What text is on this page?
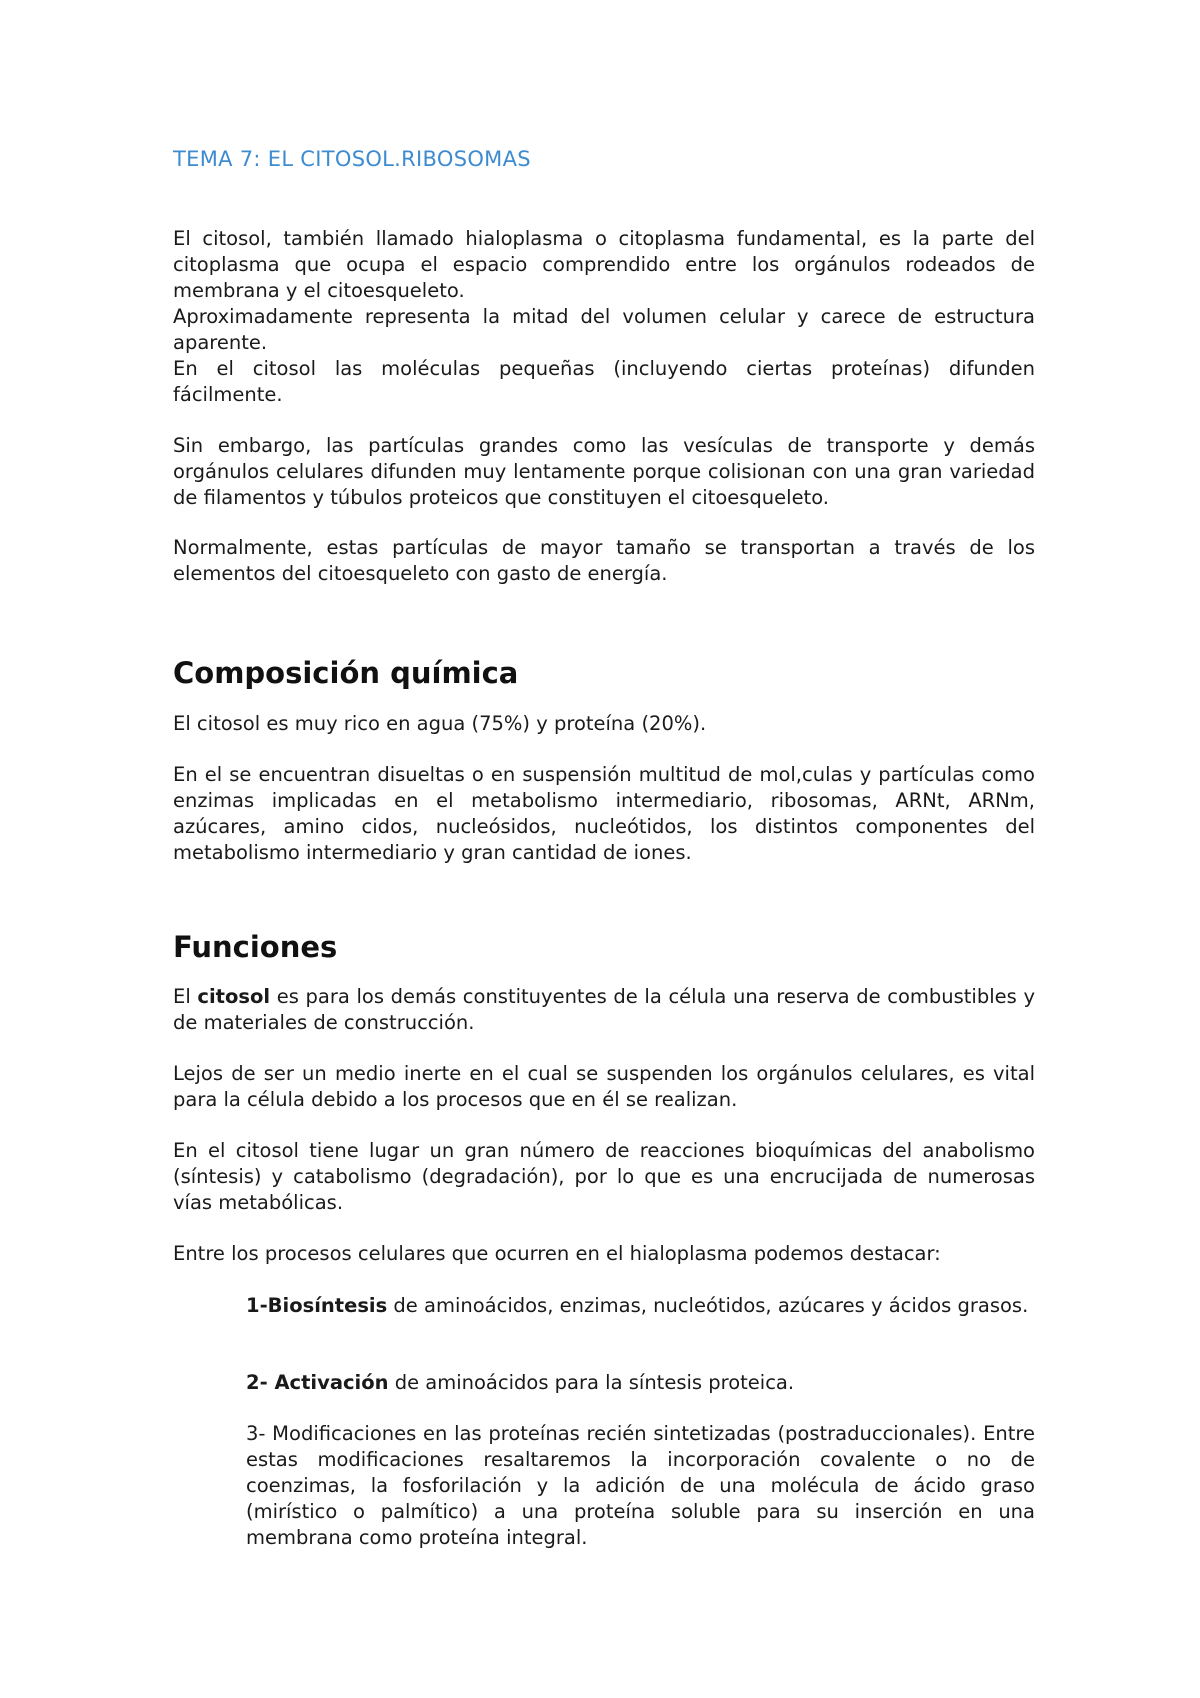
TEMA 7: EL CITOSOL.RIBOSOMAS

El citosol, también llamado hialoplasma o citoplasma fundamental, es la parte del citoplasma que ocupa el espacio comprendido entre los orgánulos rodeados de membrana y el citoesqueleto.

Aproximadamente representa la mitad del volumen celular y carece de estructura aparente.

En el citosol las moléculas pequeñas (incluyendo ciertas proteínas) difunden fácilmente.

Sin embargo, las partículas grandes como las vesículas de transporte y demás orgánulos celulares difunden muy lentamente porque colisionan con una gran variedad de filamentos y túbulos proteicos que constituyen el citoesqueleto.

Normalmente, estas partículas de mayor tamaño se transportan a través de los elementos del citoesqueleto con gasto de energía.

Composición química

El citosol es muy rico en agua (75%) y proteína (20%).

En el se encuentran disueltas o en suspensión multitud de mol,culas y partículas como enzimas implicadas en el metabolismo intermediario, ribosomas, ARNt, ARNm, azúcares, amino cidos, nucleósidos, nucleótidos, los distintos componentes del metabolismo intermediario y gran cantidad de iones.

Funciones

El citosol es para los demás constituyentes de la célula una reserva de combustibles y de materiales de construcción.

Lejos de ser un medio inerte en el cual se suspenden los orgánulos celulares, es vital para la célula debido a los procesos que en él se realizan.

En el citosol tiene lugar un gran número de reacciones bioquímicas del anabolismo (síntesis) y catabolismo (degradación), por lo que es una encrucijada de numerosas vías metabólicas.

Entre los procesos celulares que ocurren en el hialoplasma podemos destacar:

1-Biosíntesis de aminoácidos, enzimas, nucleótidos, azúcares y ácidos grasos.

2- Activación de aminoácidos para la síntesis proteica.

3- Modificaciones en las proteínas recién sintetizadas (postraduccionales). Entre estas modificaciones resaltaremos la incorporación covalente o no de coenzimas, la fosforilación y la adición de una molécula de ácido graso (mirístico o palmítico) a una proteína soluble para su inserción en una membrana como proteína integral.
